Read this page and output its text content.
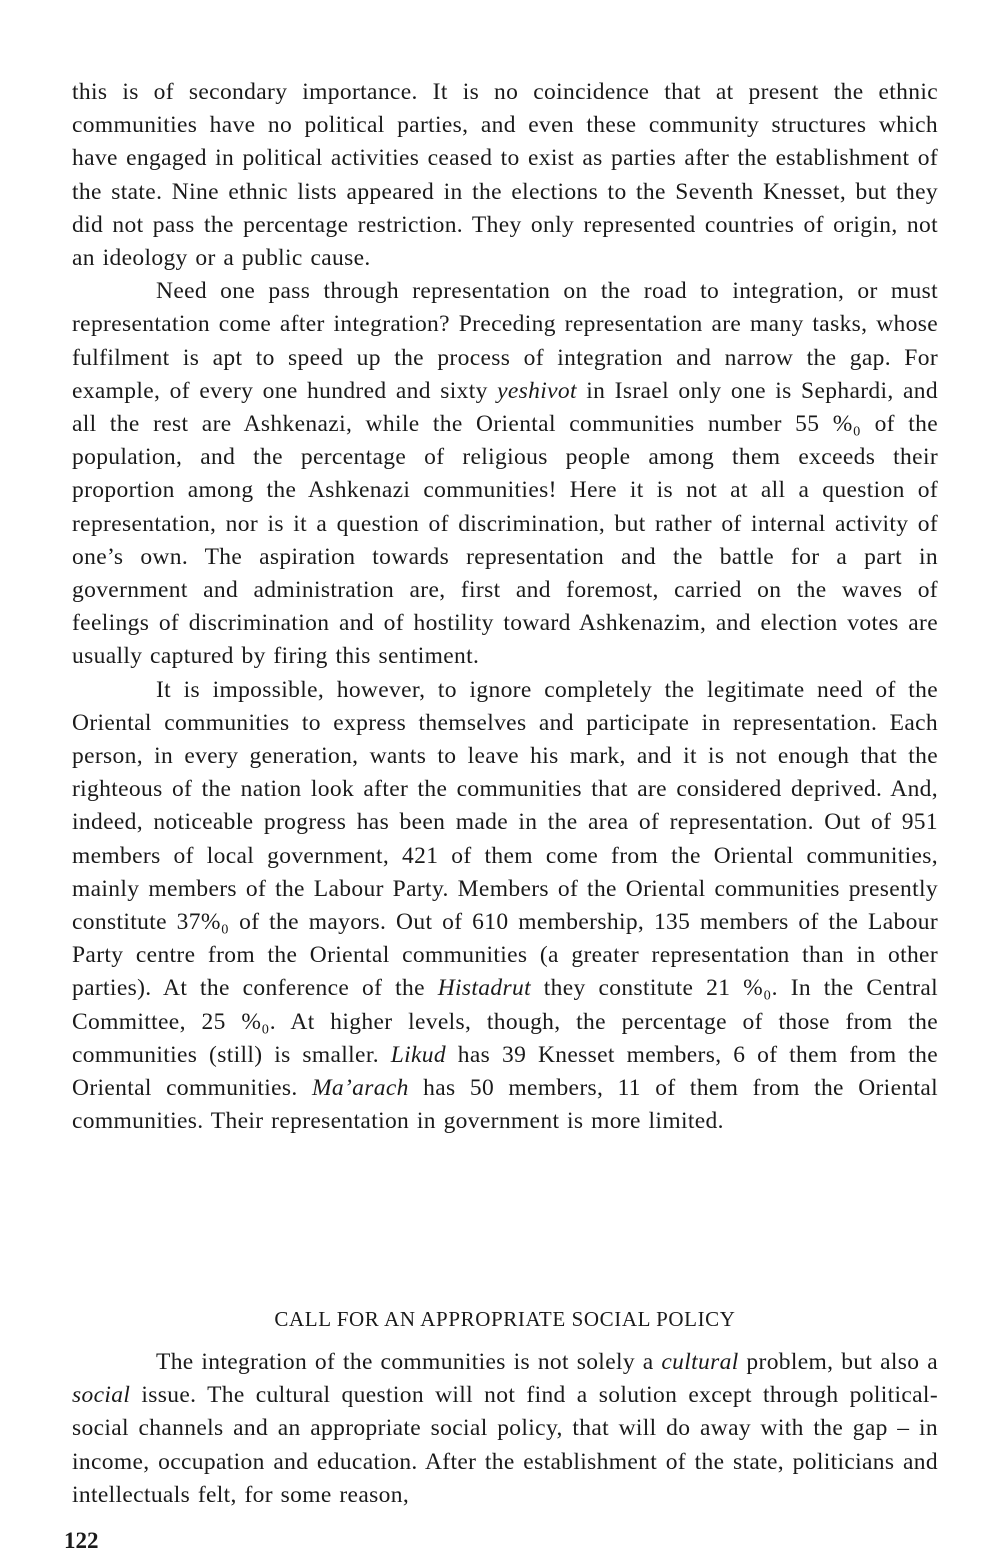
this is of secondary importance. It is no coincidence that at present the ethnic communities have no political parties, and even these community structures which have engaged in political activities ceased to exist as parties after the establishment of the state. Nine ethnic lists appeared in the elections to the Seventh Knesset, but they did not pass the percentage restriction. They only represented countries of origin, not an ideology or a public cause.

Need one pass through representation on the road to integration, or must representation come after integration? Preceding representation are many tasks, whose fulfilment is apt to speed up the process of integration and narrow the gap. For example, of every one hundred and sixty yeshivot in Israel only one is Sephardi, and all the rest are Ashkenazi, while the Oriental communities number 55 %₀ of the population, and the percentage of religious people among them exceeds their proportion among the Ashkenazi communities! Here it is not at all a question of representation, nor is it a question of discrimination, but rather of internal activity of one’s own. The aspiration towards representation and the battle for a part in government and administration are, first and foremost, carried on the waves of feelings of discrimination and of hostility toward Ashkenazim, and election votes are usually captured by firing this sentiment.

It is impossible, however, to ignore completely the legitimate need of the Oriental communities to express themselves and participate in representation. Each person, in every generation, wants to leave his mark, and it is not enough that the righteous of the nation look after the communities that are considered deprived. And, indeed, noticeable progress has been made in the area of representation. Out of 951 members of local government, 421 of them come from the Oriental communities, mainly members of the Labour Party. Members of the Oriental communities presently constitute 37%₀ of the mayors. Out of 610 membership, 135 members of the Labour Party centre from the Oriental communities (a greater representation than in other parties). At the conference of the Histadrut they constitute 21 %₀. In the Central Committee, 25 %₀. At higher levels, though, the percentage of those from the communities (still) is smaller. Likud has 39 Knesset members, 6 of them from the Oriental communities. Ma’arach has 50 members, 11 of them from the Oriental communities. Their representation in government is more limited.

CALL FOR AN APPROPRIATE SOCIAL POLICY

The integration of the communities is not solely a cultural problem, but also a social issue. The cultural question will not find a solution except through political-social channels and an appropriate social policy, that will do away with the gap – in income, occupation and education. After the establishment of the state, politicians and intellectuals felt, for some reason,

122
